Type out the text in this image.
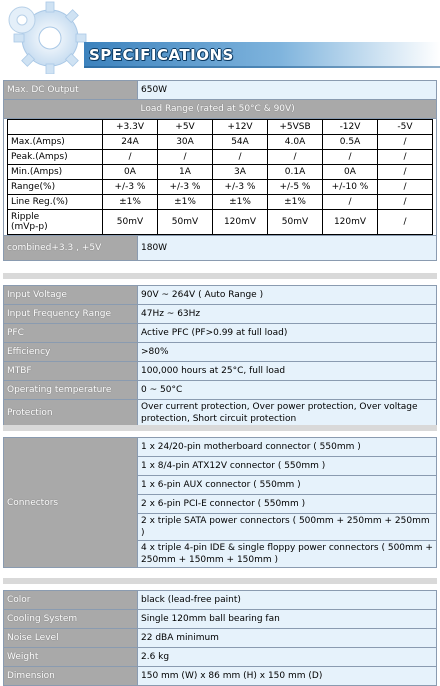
SPECIFICATIONS
Max. DC Output	650W
	Load Range (rated at 50°C & 90V)

	+3.3V	+5V	+12V	+5VSB	-12V	-5V
Max.(Amps)	24A	30A	54A	4.0A	0.5A	/
Peak.(Amps)	/	/	/	/	/	/
Min.(Amps)	0A	1A	3A	0.1A	0A	/
Range(%)	+/-3 %	+/-3 %	+/-3 %	+/-5 %	+/-10 %	/
Line Reg.(%)	±1%	±1%	±1%	±1%	/	/
Ripple
(mVp-p)	50mV	50mV	120mV	50mV	120mV	/

combined+3.3 , +5V	180W
Input Voltage	90V ~ 264V ( Auto Range )
Input Frequency Range	47Hz ~ 63Hz
PFC	Active PFC (PF>0.99 at full load)
Efficiency	>80%
MTBF	100,000 hours at 25°C, full load
Operating temperature	0 ~ 50°C
Protection	Over current protection, Over power protection, Over voltage protection, Short circuit protection
Connectors	1 x 24/20-pin motherboard connector ( 550mm )
1 x 8/4-pin ATX12V connector ( 550mm )
1 x 6-pin AUX connector ( 550mm )
2 x 6-pin PCI-E connector ( 550mm )
2 x triple SATA power connectors ( 500mm + 250mm + 250mm )
4 x triple 4-pin IDE & single floppy power connectors ( 500mm + 250mm + 150mm + 150mm )
Color	black (lead-free paint)
Cooling System	Single 120mm ball bearing fan
Noise Level	22 dBA minimum
Weight	2.6 kg
Dimension	150 mm (W) x 86 mm (H) x 150 mm (D)
